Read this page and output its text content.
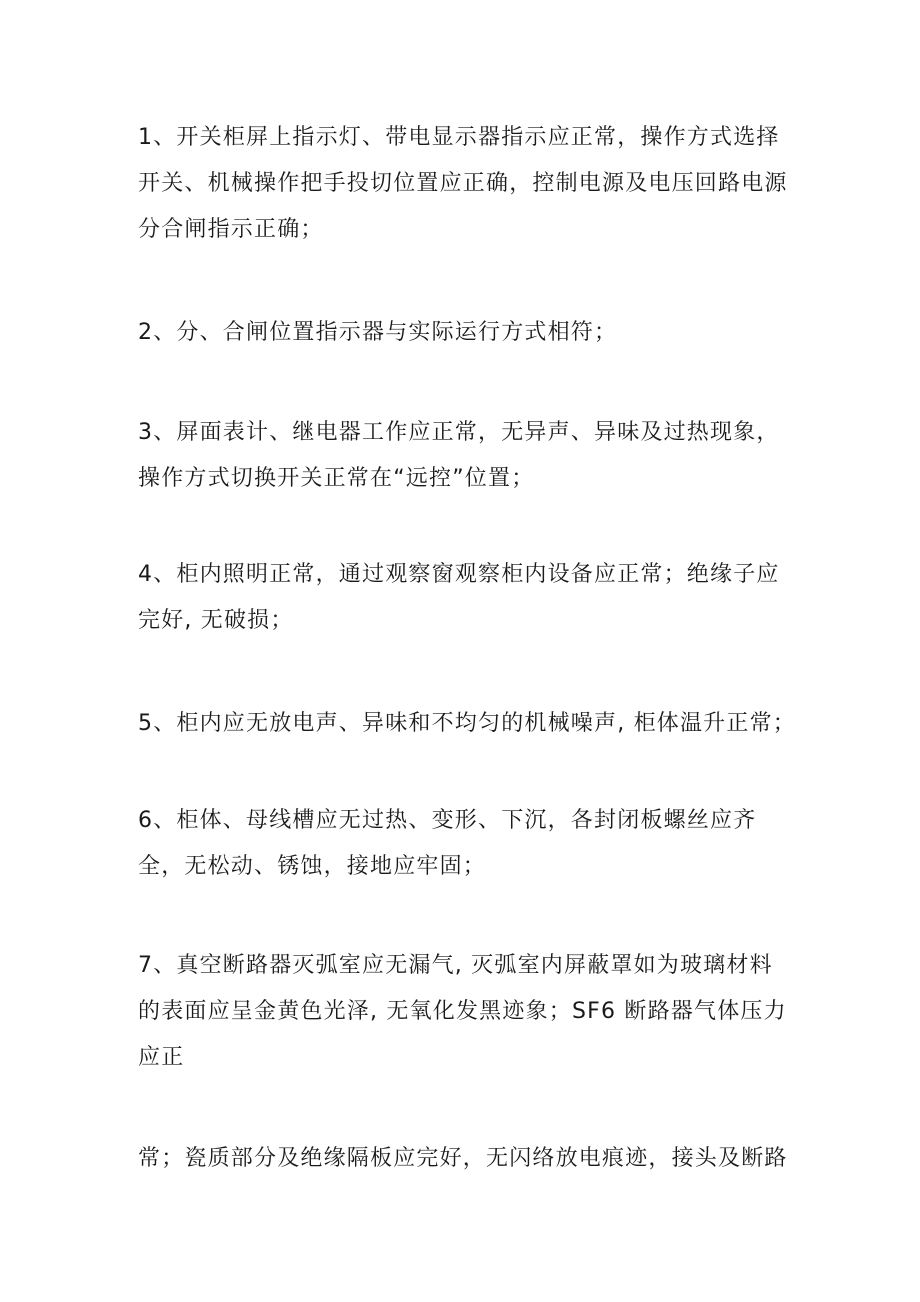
1、开关柜屏上指示灯、带电显示器指示应正常，操作方式选择
开关、机械操作把手投切位置应正确，控制电源及电压回路电源
分合闸指示正确；
2、分、合闸位置指示器与实际运行方式相符；
3、屏面表计、继电器工作应正常，无异声、异味及过热现象，
操作方式切换开关正常在“远控”位置；
4、柜内照明正常，通过观察窗观察柜内设备应正常；绝缘子应
完好, 无破损；
5、柜内应无放电声、异味和不均匀的机械噪声, 柜体温升正常；
6、柜体、母线槽应无过热、变形、下沉，各封闭板螺丝应齐
全，无松动、锈蚀，接地应牢固；
7、真空断路器灭弧室应无漏气, 灭弧室内屏蔽罩如为玻璃材料
的表面应呈金黄色光泽, 无氧化发黑迹象；SF6 断路器气体压力
应正
常；瓷质部分及绝缘隔板应完好，无闪络放电痕迹，接头及断路
